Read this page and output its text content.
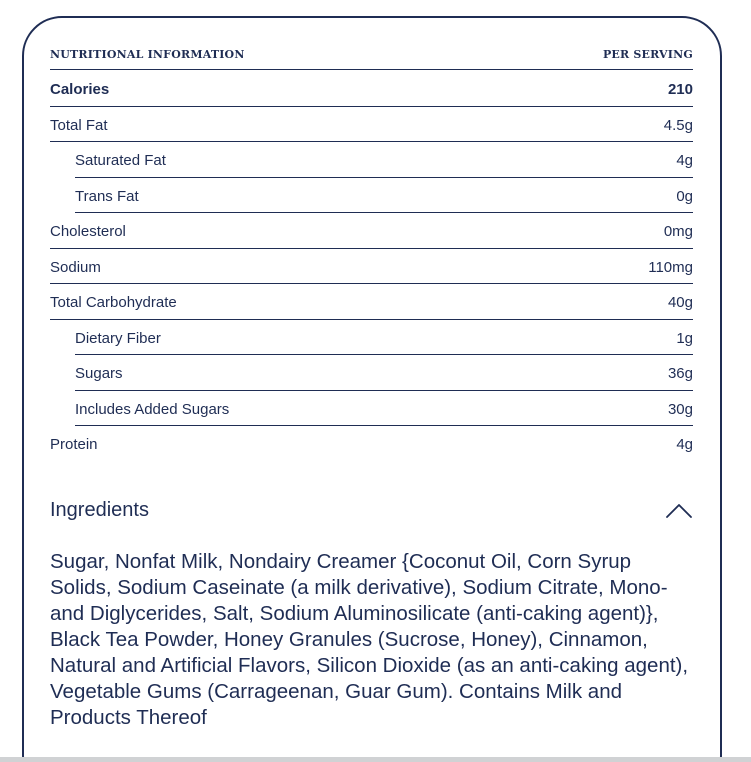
NUTRITIONAL INFORMATION	PER SERVING
Calories	210
Total Fat	4.5g
Saturated Fat	4g
Trans Fat	0g
Cholesterol	0mg
Sodium	110mg
Total Carbohydrate	40g
Dietary Fiber	1g
Sugars	36g
Includes Added Sugars	30g
Protein	4g
Ingredients
Sugar, Nonfat Milk, Nondairy Creamer {Coconut Oil, Corn Syrup Solids, Sodium Caseinate (a milk derivative), Sodium Citrate, Mono- and Diglycerides, Salt, Sodium Aluminosilicate (anti-caking agent)}, Black Tea Powder, Honey Granules (Sucrose, Honey), Cinnamon, Natural and Artificial Flavors, Silicon Dioxide (as an anti-caking agent), Vegetable Gums (Carrageenan, Guar Gum). Contains Milk and Products Thereof
